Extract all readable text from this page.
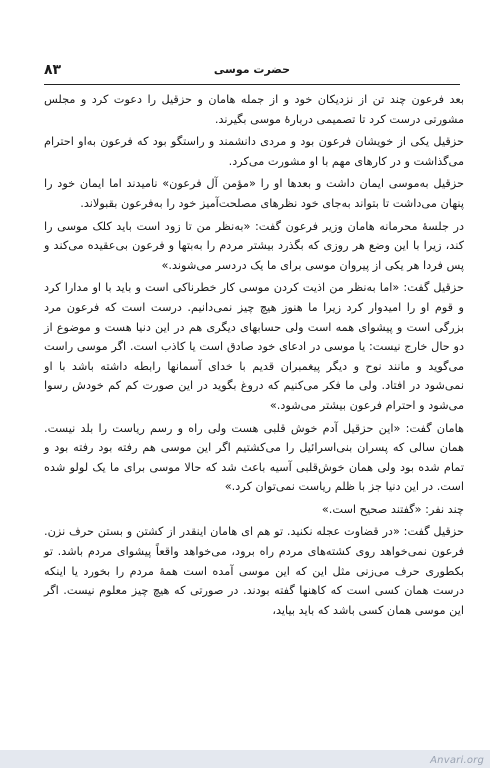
۸۳	حضرت موسی

بعد فرعون چند تن از نزدیکان خود و از جمله هامان و حزقیل را دعوت کرد و مجلس مشورتی درست کرد تا تصمیمی دربارهٔ موسی بگیرند.

حزقیل یکی از خویشان فرعون بود و مردی دانشمند و راستگو بود که فرعون به‌او احترام می‌گذاشت و در کارهای مهم با او مشورت می‌کرد.

حزقیل به‌موسی ایمان داشت و بعدها او را «مؤمن آل فرعون» نامیدند اما ایمان خود را پنهان می‌داشت تا بتواند به‌جای خود نظرهای مصلحت‌آمیز خود را به‌فرعون بقبولاند.

در جلسهٔ محرمانه هامان وزیر فرعون گفت: «به‌نظر من تا زود است باید کلک موسی را کند، زیرا با این وضع هر روزی که بگذرد بیشتر مردم را به‌بتها و فرعون بی‌عقیده می‌کند و پس فردا هر یکی از پیروان موسی برای ما یک دردسر می‌شوند.»

حزقیل گفت: «اما به‌نظر من اذیت کردن موسی کار خطرناکی است و باید با او مدارا کرد و قوم او را امیدوار کرد زیرا ما هنوز هیچ چیز نمی‌دانیم. درست است که فرعون مرد بزرگی است و پیشوای همه است ولی حسابهای دیگری هم در این دنیا هست و موضوع از دو حال خارج نیست: یا موسی در ادعای خود صادق است یا کاذب است. اگر موسی راست می‌گوید و مانند نوح و دیگر پیغمبران قدیم با خدای آسمانها رابطه داشته باشد با او نمی‌شود در افتاد. ولی ما فکر می‌کنیم که دروغ بگوید در این صورت کم کم خودش رسوا می‌شود و احترام فرعون بیشتر می‌شود.»

هامان گفت: «این حزقیل آدم خوش قلبی هست ولی راه و رسم ریاست را بلد نیست. همان سالی که پسران بنی‌اسرائیل را می‌کشتیم اگر این موسی هم رفته بود رفته بود و تمام شده بود ولی همان خوش‌قلبی آسیه باعث شد که حالا موسی برای ما یک لولو شده است. در این دنیا جز با ظلم ریاست نمی‌توان کرد.»

چند نفر: «گفتند صحیح است.»

حزقیل گفت: «در قضاوت عجله نکنید. تو هم ای هامان اینقدر از کشتن و بستن حرف نزن. فرعون نمی‌خواهد روی کشته‌های مردم راه برود، می‌خواهد واقعاً پیشوای مردم باشد. تو بکطوری حرف می‌زنی مثل این که این موسی آمده است همهٔ مردم را بخورد یا اینکه درست همان کسی است که کاهنها گفته بودند. در صورتی که هیچ چیز معلوم نیست. اگر این موسی همان کسی باشد که باید بیاید،

Anvari.org
